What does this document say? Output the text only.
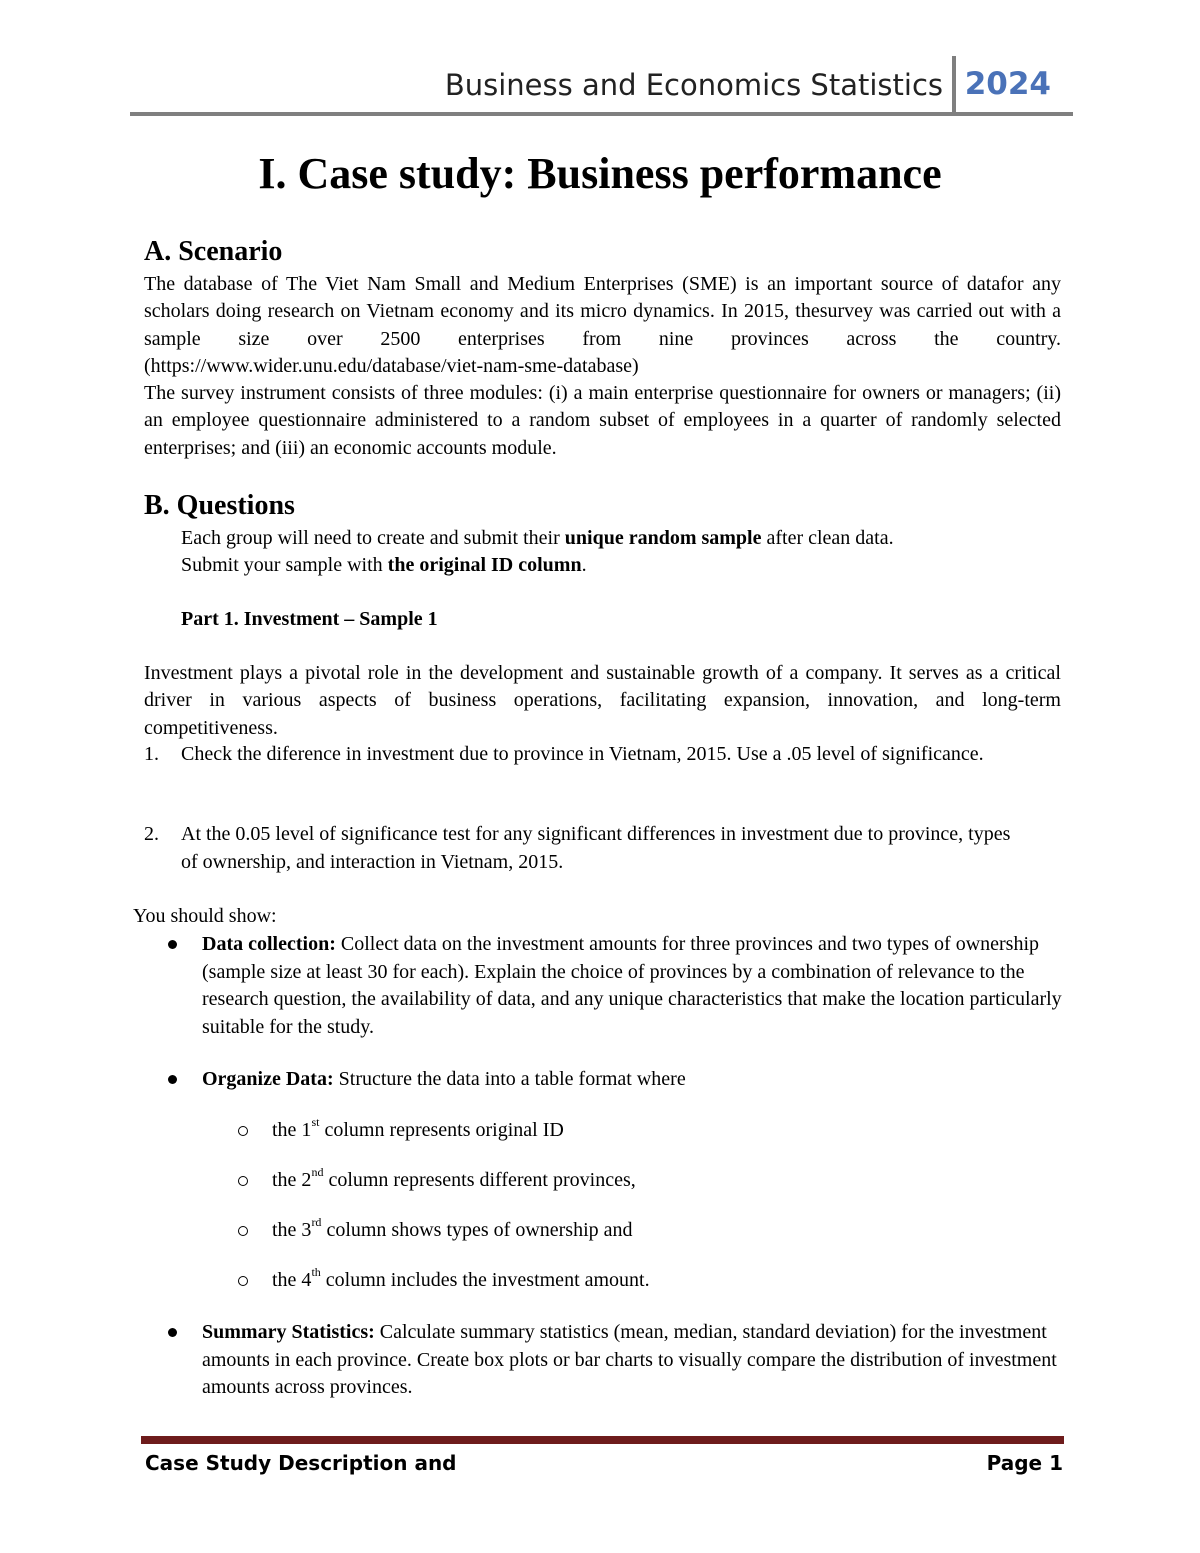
Business and Economics Statistics 2024
I. Case study: Business performance
A. Scenario

The database of The Viet Nam Small and Medium Enterprises (SME) is an important source of datafor any scholars doing research on Vietnam economy and its micro dynamics. In 2015, thesurvey was carried out with a sample size over 2500 enterprises from nine provinces across the country. (https://www.wider.unu.edu/database/viet-nam-sme-database)

The survey instrument consists of three modules: (i) a main enterprise questionnaire for owners or managers; (ii) an employee questionnaire administered to a random subset of employees in a quarter of randomly selected enterprises; and (iii) an economic accounts module.

B. Questions
Each group will need to create and submit their unique random sample after clean data.
Submit your sample with the original ID column.
Part 1. Investment – Sample 1

Investment plays a pivotal role in the development and sustainable growth of a company. It serves as a critical driver in various aspects of business operations, facilitating expansion, innovation, and long-term competitiveness.

1. Check the diference in investment due to province in Vietnam, 2015. Use a .05 level of significance.
2. At the 0.05 level of significance test for any significant differences in investment due to province, types of ownership, and interaction in Vietnam, 2015.
You should show:
Data collection: Collect data on the investment amounts for three provinces and two types of ownership (sample size at least 30 for each). Explain the choice of provinces by a combination of relevance to the research question, the availability of data, and any unique characteristics that make the location particularly suitable for the study.
Organize Data: Structure the data into a table format where
the 1st column represents original ID
the 2nd column represents different provinces,
the 3rd column shows types of ownership and
the 4th column includes the investment amount.
Summary Statistics: Calculate summary statistics (mean, median, standard deviation) for the investment amounts in each province. Create box plots or bar charts to visually compare the distribution of investment amounts across provinces.
Case Study Description and	Page 1
